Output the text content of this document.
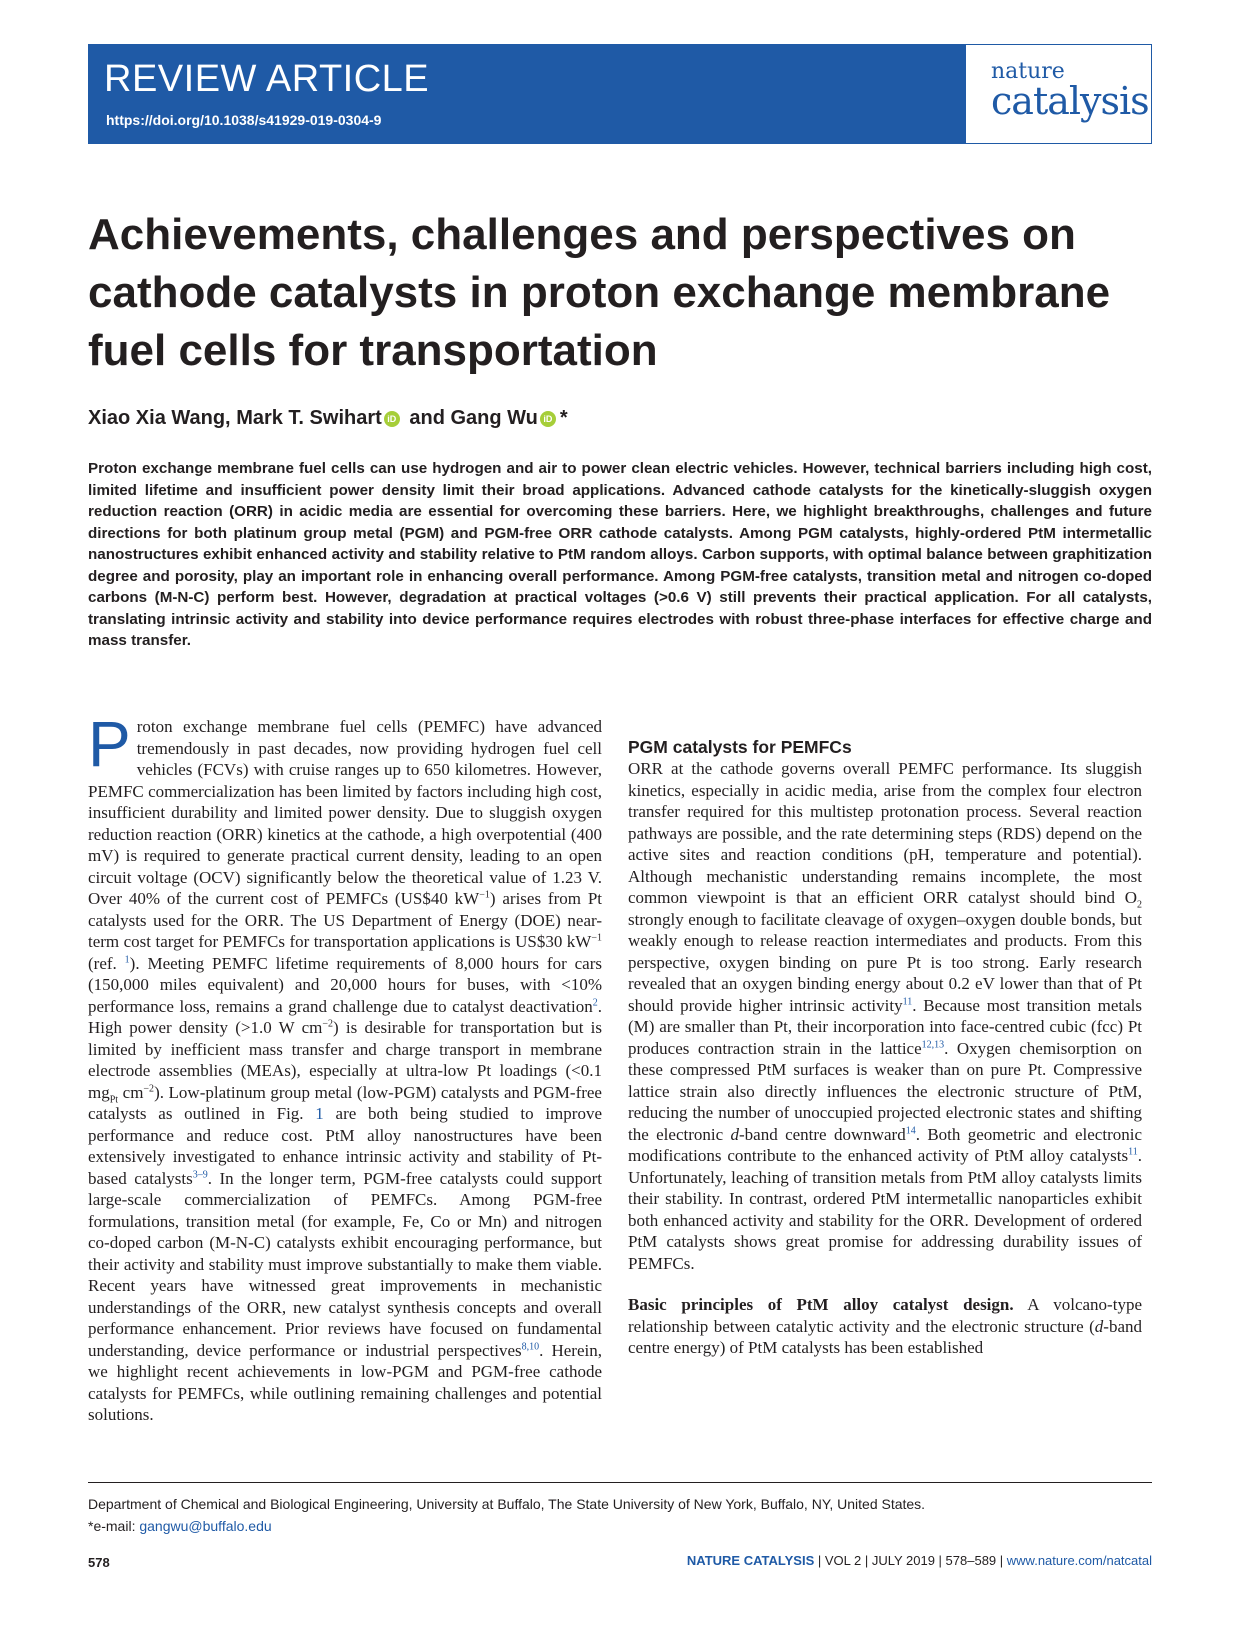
REVIEW ARTICLE
https://doi.org/10.1038/s41929-019-0304-9
nature
catalysis
Achievements, challenges and perspectives on cathode catalysts in proton exchange membrane fuel cells for transportation
Xiao Xia Wang, Mark T. Swihart iD and Gang Wu iD *

Proton exchange membrane fuel cells can use hydrogen and air to power clean electric vehicles. However, technical barriers including high cost, limited lifetime and insufficient power density limit their broad applications. Advanced cathode catalysts for the kinetically-sluggish oxygen reduction reaction (ORR) in acidic media are essential for overcoming these barriers. Here, we highlight breakthroughs, challenges and future directions for both platinum group metal (PGM) and PGM-free ORR cathode catalysts. Among PGM catalysts, highly-ordered PtM intermetallic nanostructures exhibit enhanced activity and stability relative to PtM random alloys. Carbon supports, with optimal balance between graphitization degree and porosity, play an important role in enhancing overall performance. Among PGM-free catalysts, transition metal and nitrogen co-doped carbons (M-N-C) perform best. However, degradation at practical voltages (>0.6 V) still prevents their practical application. For all catalysts, translating intrinsic activity and stability into device performance requires electrodes with robust three-phase interfaces for effective charge and mass transfer.

Proton exchange membrane fuel cells (PEMFC) have advanced tremendously in past decades, now providing hydrogen fuel cell vehicles (FCVs) with cruise ranges up to 650 kilometres. However, PEMFC commercialization has been limited by factors including high cost, insufficient durability and limited power density. Due to sluggish oxygen reduction reaction (ORR) kinetics at the cathode, a high overpotential (400 mV) is required to generate practical current density, leading to an open circuit voltage (OCV) significantly below the theoretical value of 1.23 V. Over 40% of the current cost of PEMFCs (US$40 $kW^{-1}$) arises from Pt catalysts used for the ORR. The US Department of Energy (DOE) near-term cost target for PEMFCs for transportation applications is US$30 $kW^{-1}$ (ref. $^1$). Meeting PEMFC lifetime requirements of 8,000 hours for cars (150,000 miles equivalent) and 20,000 hours for buses, with <10% performance loss, remains a grand challenge due to catalyst deactivation$^2$. High power density (>1.0 W $cm^{-2}$) is desirable for transportation but is limited by inefficient mass transfer and charge transport in membrane electrode assemblies (MEAs), especially at ultra-low Pt loadings (<0.1 $mg_{Pt}$ $cm^{-2}$). Low-platinum group metal (low-PGM) catalysts and PGM-free catalysts as outlined in Fig. 1 are both being studied to improve performance and reduce cost. PtM alloy nanostructures have been extensively investigated to enhance intrinsic activity and stability of Pt-based catalysts$^{3-9}$. In the longer term, PGM-free catalysts could support large-scale commercialization of PEMFCs. Among PGM-free formulations, transition metal (for example, Fe, Co or Mn) and nitrogen co-doped carbon (M-N-C) catalysts exhibit encouraging performance, but their activity and stability must improve substantially to make them viable. Recent years have witnessed great improvements in mechanistic understandings of the ORR, new catalyst synthesis concepts and overall performance enhancement. Prior reviews have focused on fundamental understanding, device performance or industrial perspectives$^{8,10}$. Herein, we highlight recent achievements in low-PGM and PGM-free cathode catalysts for PEMFCs, while outlining remaining challenges and potential solutions.

PGM catalysts for PEMFCs

ORR at the cathode governs overall PEMFC performance. Its sluggish kinetics, especially in acidic media, arise from the complex four electron transfer required for this multistep protonation process. Several reaction pathways are possible, and the rate determining steps (RDS) depend on the active sites and reaction conditions (pH, temperature and potential). Although mechanistic understanding remains incomplete, the most common viewpoint is that an efficient ORR catalyst should bind $O_2$ strongly enough to facilitate cleavage of oxygen–oxygen double bonds, but weakly enough to release reaction intermediates and products. From this perspective, oxygen binding on pure Pt is too strong. Early research revealed that an oxygen binding energy about 0.2 eV lower than that of Pt should provide higher intrinsic activity$^{11}$. Because most transition metals (M) are smaller than Pt, their incorporation into face-centred cubic (fcc) Pt produces contraction strain in the lattice$^{12,13}$. Oxygen chemisorption on these compressed PtM surfaces is weaker than on pure Pt. Compressive lattice strain also directly influences the electronic structure of PtM, reducing the number of unoccupied projected electronic states and shifting the electronic d-band centre downward$^{14}$. Both geometric and electronic modifications contribute to the enhanced activity of PtM alloy catalysts$^{11}$. Unfortunately, leaching of transition metals from PtM alloy catalysts limits their stability. In contrast, ordered PtM intermetallic nanoparticles exhibit both enhanced activity and stability for the ORR. Development of ordered PtM catalysts shows great promise for addressing durability issues of PEMFCs.

Basic principles of PtM alloy catalyst design. A volcano-type relationship between catalytic activity and the electronic structure (d-band centre energy) of PtM catalysts has been established

Department of Chemical and Biological Engineering, University at Buffalo, The State University of New York, Buffalo, NY, United States.
*e-mail: gangwu@buffalo.edu
578	NATURE CATALYSIS | VOL 2 | JULY 2019 | 578–589 | www.nature.com/natcatal
